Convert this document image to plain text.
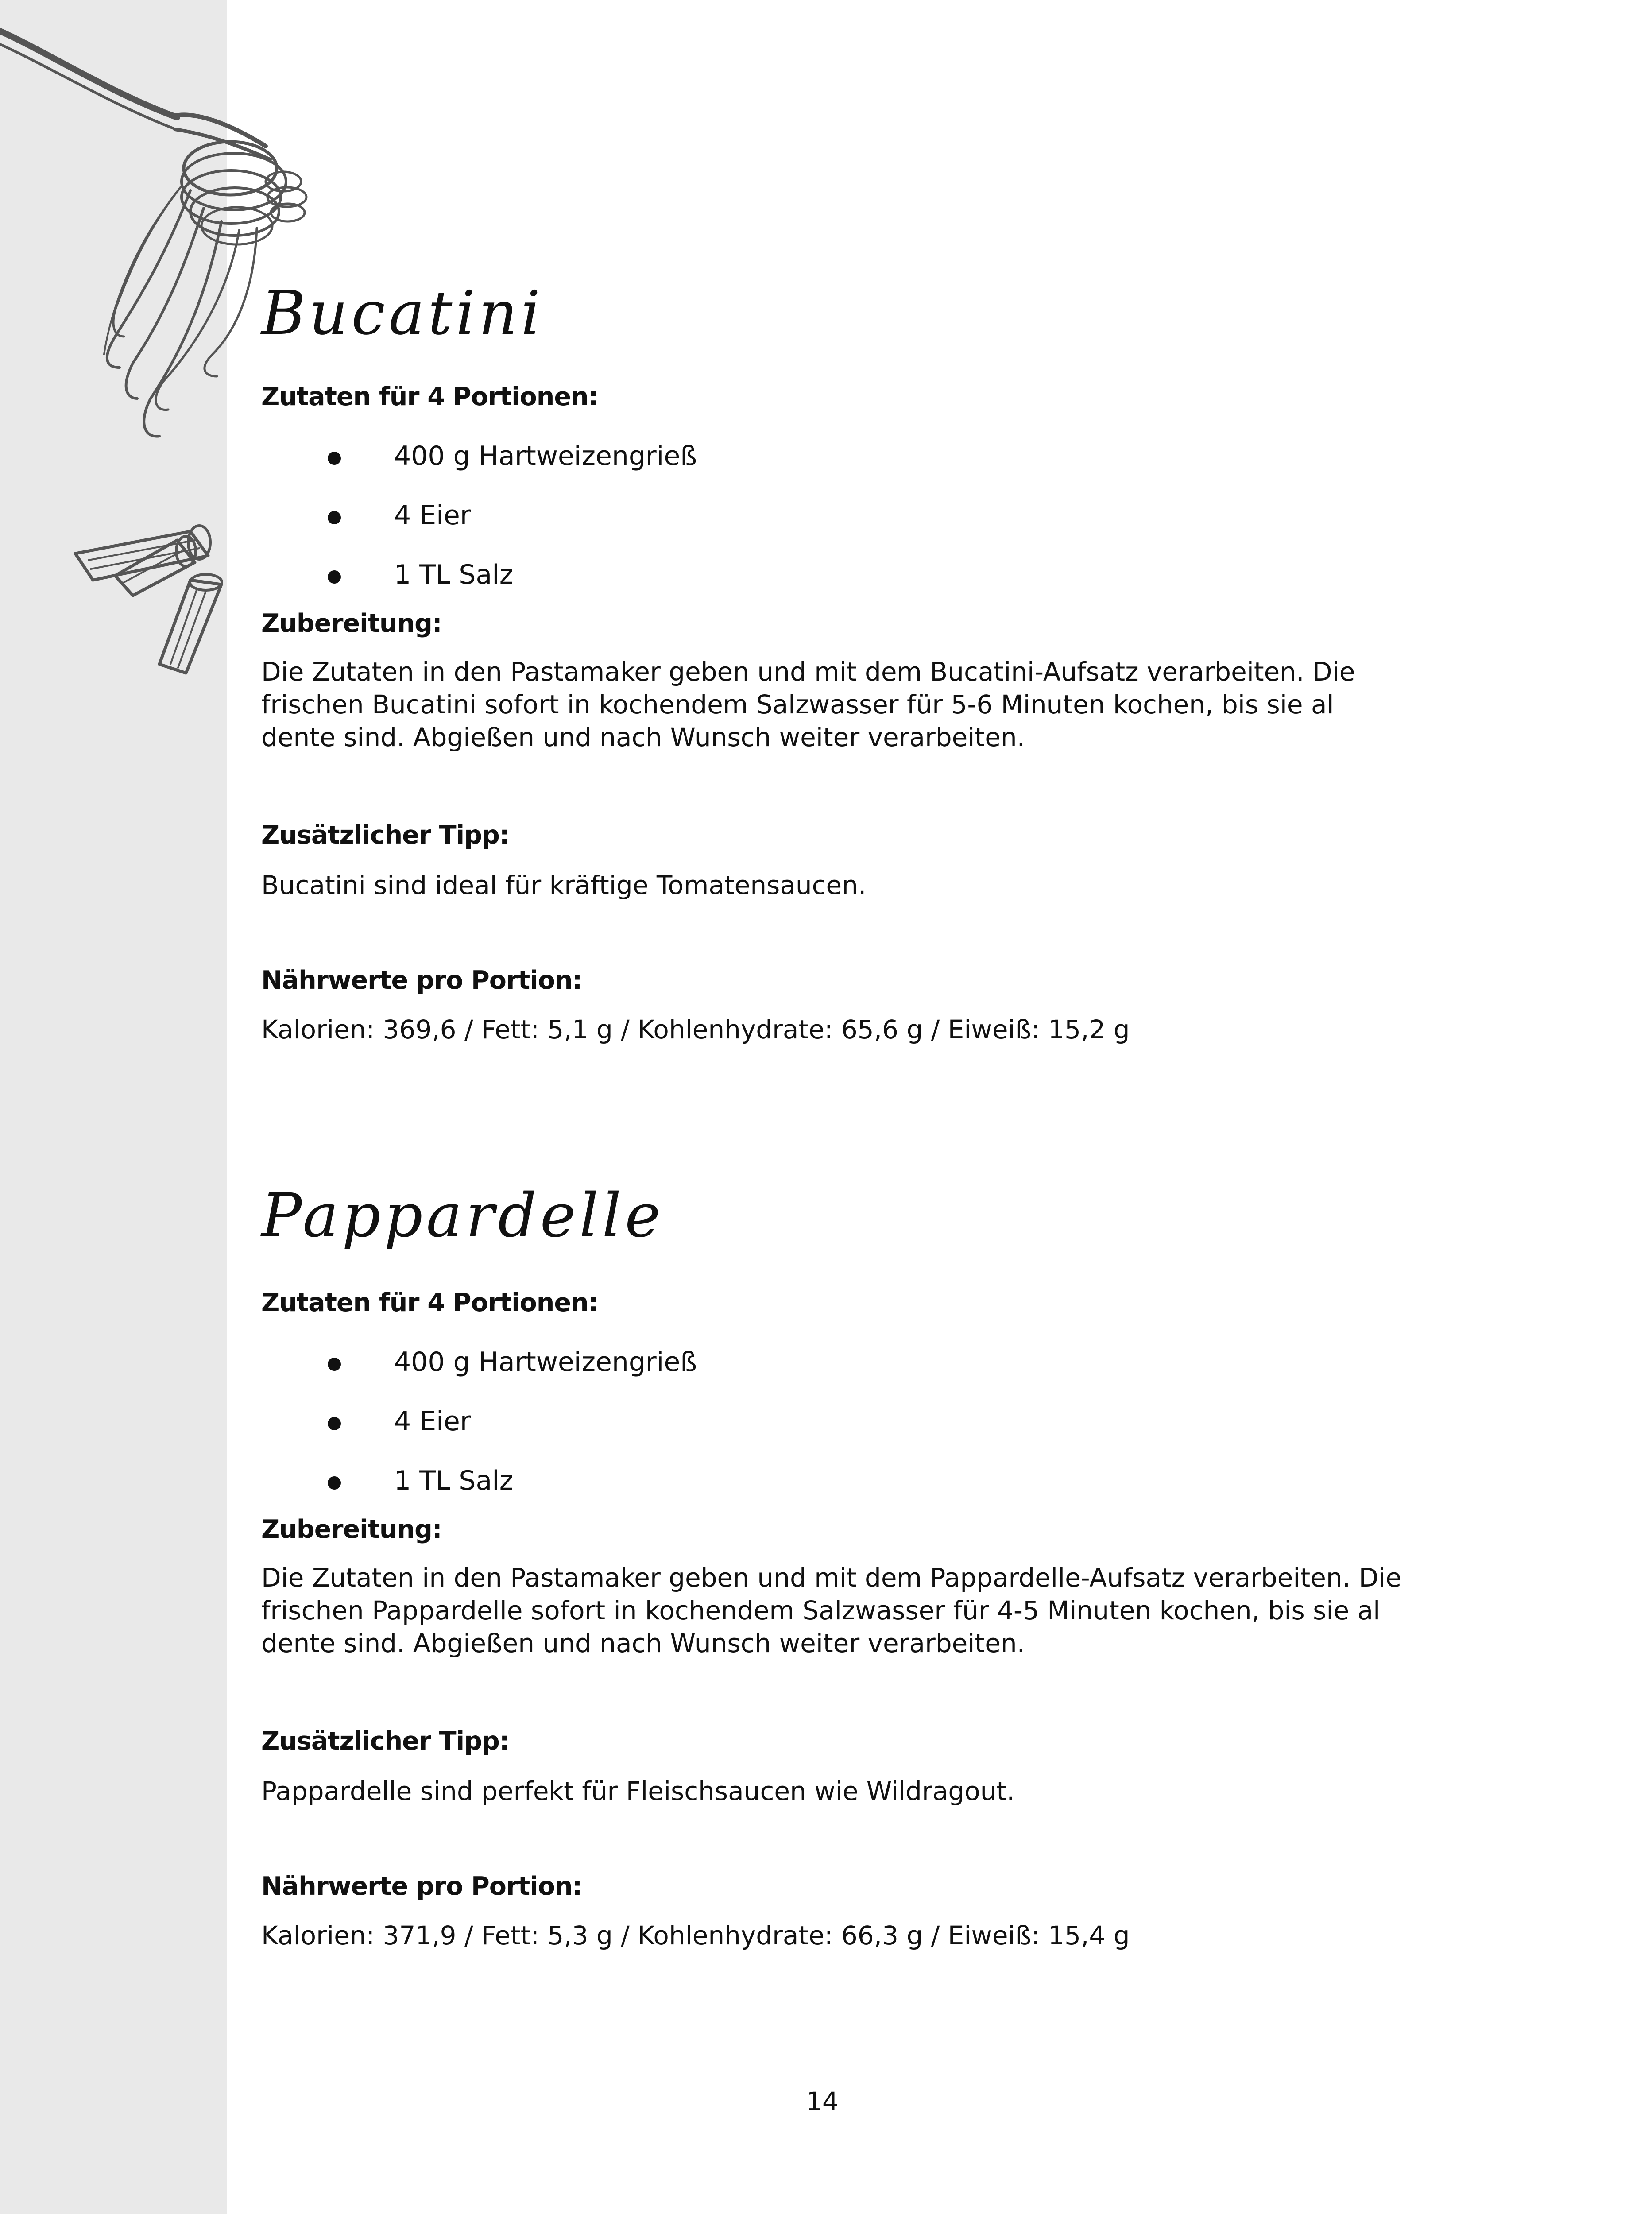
Bucatini
Zutaten für 4 Portionen:
400 g Hartweizengrieß
4 Eier
1 TL Salz
Zubereitung:
Die Zutaten in den Pastamaker geben und mit dem Bucatini-Aufsatz verarbeiten. Die
frischen Bucatini sofort in kochendem Salzwasser für 5-6 Minuten kochen, bis sie al
dente sind. Abgießen und nach Wunsch weiter verarbeiten.
Zusätzlicher Tipp:

Bucatini sind ideal für kräftige Tomatensaucen.

Nährwerte pro Portion:

Kalorien: 369,6 / Fett: 5,1 g / Kohlenhydrate: 65,6 g / Eiweiß: 15,2 g

Pappardelle
Zutaten für 4 Portionen:
400 g Hartweizengrieß
4 Eier
1 TL Salz
Zubereitung:
Die Zutaten in den Pastamaker geben und mit dem Pappardelle-Aufsatz verarbeiten. Die
frischen Pappardelle sofort in kochendem Salzwasser für 4-5 Minuten kochen, bis sie al
dente sind. Abgießen und nach Wunsch weiter verarbeiten.
Zusätzlicher Tipp:

Pappardelle sind perfekt für Fleischsaucen wie Wildragout.

Nährwerte pro Portion:

Kalorien: 371,9 / Fett: 5,3 g / Kohlenhydrate: 66,3 g / Eiweiß: 15,4 g

14
